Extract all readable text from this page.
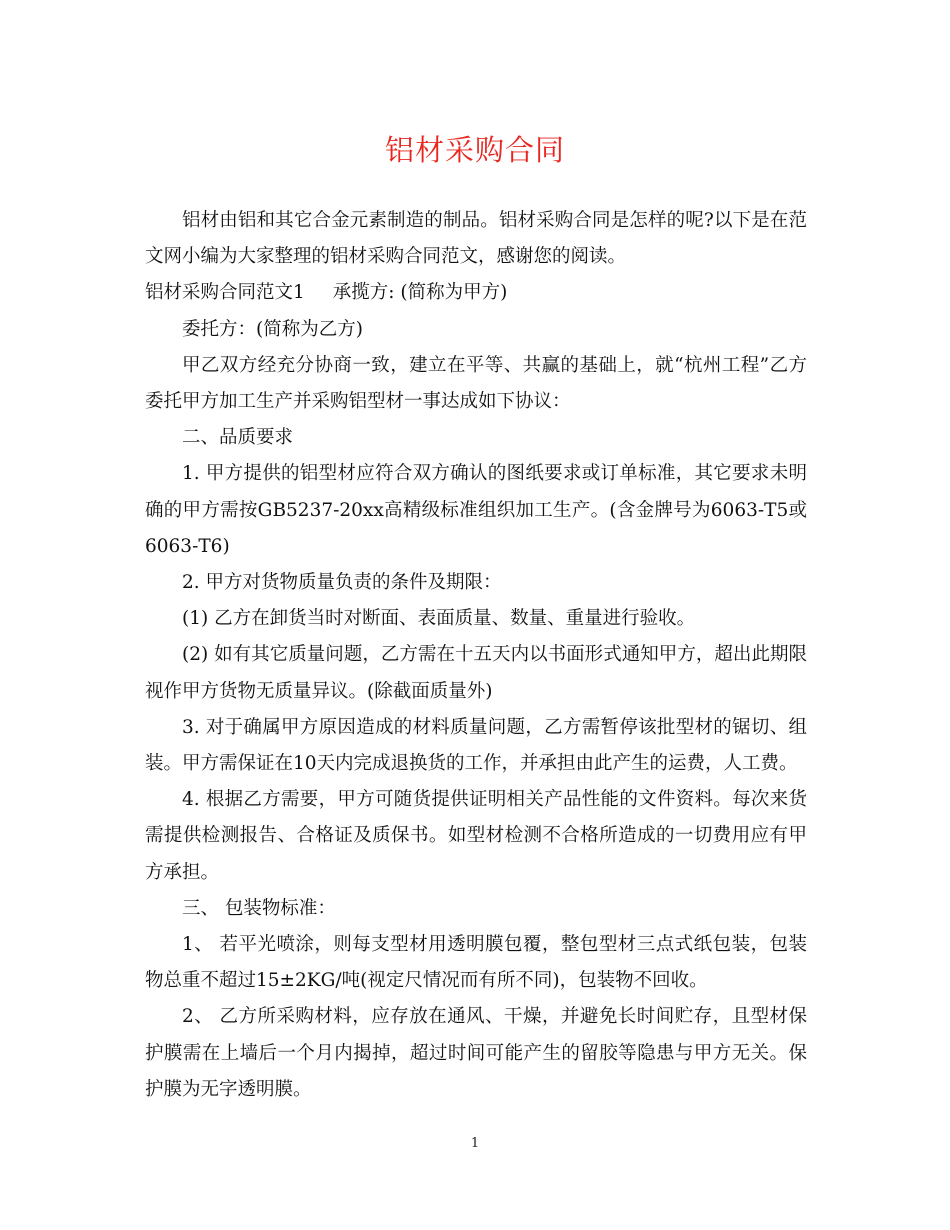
铝材采购合同

铝材由铝和其它合金元素制造的制品。铝材采购合同是怎样的呢?以下是在范文网小编为大家整理的铝材采购合同范文，感谢您的阅读。

铝材采购合同范文1 承揽方: (简称为甲方)

委托方：(简称为乙方)

甲乙双方经充分协商一致，建立在平等、共赢的基础上，就“杭州工程”乙方委托甲方加工生产并采购铝型材一事达成如下协议：

二、品质要求

1. 甲方提供的铝型材应符合双方确认的图纸要求或订单标准，其它要求未明确的甲方需按GB5237-20xx高精级标准组织加工生产。(含金牌号为6063-T5或6063-T6)

2. 甲方对货物质量负责的条件及期限：

(1) 乙方在卸货当时对断面、表面质量、数量、重量进行验收。

(2) 如有其它质量问题，乙方需在十五天内以书面形式通知甲方，超出此期限视作甲方货物无质量异议。(除截面质量外)

3. 对于确属甲方原因造成的材料质量问题，乙方需暂停该批型材的锯切、组装。甲方需保证在10天内完成退换货的工作，并承担由此产生的运费，人工费。

4. 根据乙方需要，甲方可随货提供证明相关产品性能的文件资料。每次来货需提供检测报告、合格证及质保书。如型材检测不合格所造成的一切费用应有甲方承担。

三、 包装物标准：

1、 若平光喷涂，则每支型材用透明膜包覆，整包型材三点式纸包装，包装物总重不超过15±2KG/吨(视定尺情况而有所不同)，包装物不回收。

2、 乙方所采购材料，应存放在通风、干燥，并避免长时间贮存，且型材保护膜需在上墙后一个月内揭掉，超过时间可能产生的留胶等隐患与甲方无关。保护膜为无字透明膜。

1
